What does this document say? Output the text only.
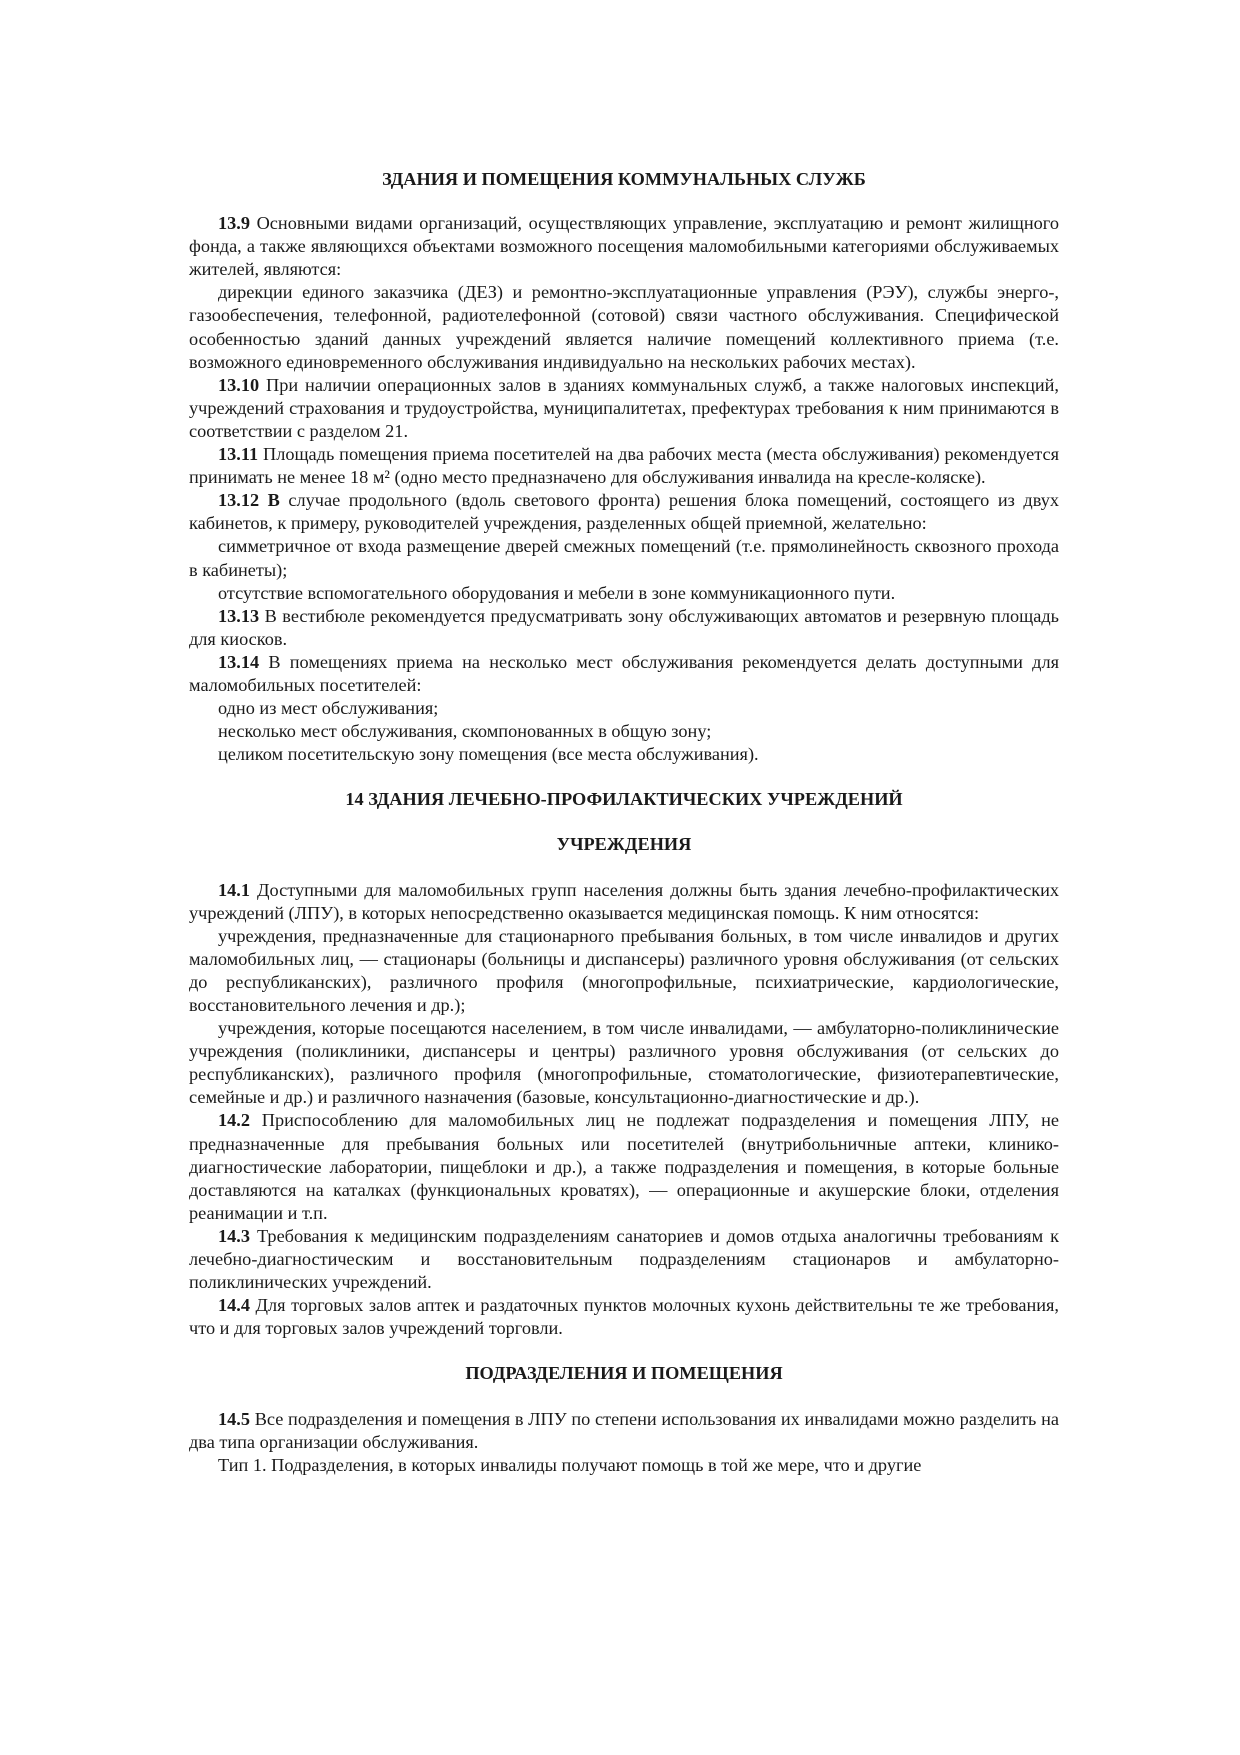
ЗДАНИЯ И ПОМЕЩЕНИЯ КОММУНАЛЬНЫХ СЛУЖБ

13.9 Основными видами организаций, осуществляющих управление, эксплуатацию и ремонт жилищного фонда, а также являющихся объектами возможного посещения маломобильными категориями обслуживаемых жителей, являются:

дирекции единого заказчика (ДЕЗ) и ремонтно-эксплуатационные управления (РЭУ), службы энерго-, газообеспечения, телефонной, радиотелефонной (сотовой) связи частного обслуживания. Специфической особенностью зданий данных учреждений является наличие помещений коллективного приема (т.е. возможного единовременного обслуживания индивидуально на нескольких рабочих местах).

13.10 При наличии операционных залов в зданиях коммунальных служб, а также налоговых инспекций, учреждений страхования и трудоустройства, муниципалитетах, префектурах требования к ним принимаются в соответствии с разделом 21.

13.11 Площадь помещения приема посетителей на два рабочих места (места обслуживания) рекомендуется принимать не менее 18 м² (одно место предназначено для обслуживания инвалида на кресле-коляске).

13.12 В случае продольного (вдоль светового фронта) решения блока помещений, состоящего из двух кабинетов, к примеру, руководителей учреждения, разделенных общей приемной, желательно:

симметричное от входа размещение дверей смежных помещений (т.е. прямолинейность сквозного прохода в кабинеты);

отсутствие вспомогательного оборудования и мебели в зоне коммуникационного пути.

13.13 В вестибюле рекомендуется предусматривать зону обслуживающих автоматов и резервную площадь для киосков.

13.14 В помещениях приема на несколько мест обслуживания рекомендуется делать доступными для маломобильных посетителей:

одно из мест обслуживания;

несколько мест обслуживания, скомпонованных в общую зону;

целиком посетительскую зону помещения (все места обслуживания).

14 ЗДАНИЯ ЛЕЧЕБНО-ПРОФИЛАКТИЧЕСКИХ УЧРЕЖДЕНИЙ

УЧРЕЖДЕНИЯ

14.1 Доступными для маломобильных групп населения должны быть здания лечебно-профилактических учреждений (ЛПУ), в которых непосредственно оказывается медицинская помощь. К ним относятся:

учреждения, предназначенные для стационарного пребывания больных, в том числе инвалидов и других маломобильных лиц, — стационары (больницы и диспансеры) различного уровня обслуживания (от сельских до республиканских), различного профиля (многопрофильные, психиатрические, кардиологические, восстановительного лечения и др.);

учреждения, которые посещаются населением, в том числе инвалидами, — амбулаторно-поликлинические учреждения (поликлиники, диспансеры и центры) различного уровня обслуживания (от сельских до республиканских), различного профиля (многопрофильные, стоматологические, физиотерапевтические, семейные и др.) и различного назначения (базовые, консультационно-диагностические и др.).

14.2 Приспособлению для маломобильных лиц не подлежат подразделения и помещения ЛПУ, не предназначенные для пребывания больных или посетителей (внутрибольничные аптеки, клинико-диагностические лаборатории, пищеблоки и др.), а также подразделения и помещения, в которые больные доставляются на каталках (функциональных кроватях), — операционные и акушерские блоки, отделения реанимации и т.п.

14.3 Требования к медицинским подразделениям санаториев и домов отдыха аналогичны требованиям к лечебно-диагностическим и восстановительным подразделениям стационаров и амбулаторно-поликлинических учреждений.

14.4 Для торговых залов аптек и раздаточных пунктов молочных кухонь действительны те же требования, что и для торговых залов учреждений торговли.

ПОДРАЗДЕЛЕНИЯ И ПОМЕЩЕНИЯ

14.5 Все подразделения и помещения в ЛПУ по степени использования их инвалидами можно разделить на два типа организации обслуживания.

Тип 1. Подразделения, в которых инвалиды получают помощь в той же мере, что и другие
